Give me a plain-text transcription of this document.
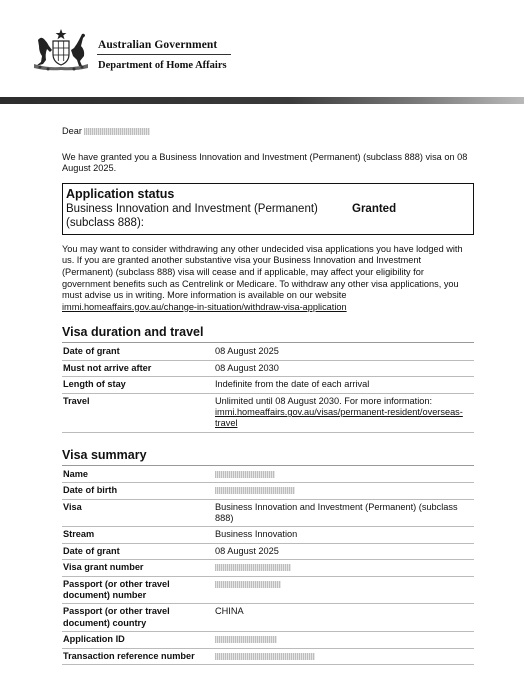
Australian Government
Department of Home Affairs

Dear

We have granted you a Business Innovation and Investment (Permanent) (subclass 888) visa on 08 August 2025.

Application status
Business Innovation and Investment (Permanent) (subclass 888):
Granted

You may want to consider withdrawing any other undecided visa applications you have lodged with us. If you are granted another substantive visa your Business Innovation and Investment (Permanent) (subclass 888) visa will cease and if applicable, may affect your eligibility for government benefits such as Centrelink or Medicare. To withdraw any other visa applications, you must advise us in writing. More information is available on our website immi.homeaffairs.gov.au/change-in-situation/withdraw-visa-application

Visa duration and travel
Date of grant	08 August 2025
Must not arrive after	08 August 2030
Length of stay	Indefinite from the date of each arrival
Travel	Unlimited until 08 August 2030. For more information: immi.homeaffairs.gov.au/visas/permanent-resident/overseas-travel
Visa summary
Name	
Date of birth	
Visa	Business Innovation and Investment (Permanent) (subclass 888)
Stream	Business Innovation
Date of grant	08 August 2025
Visa grant number	
Passport (or other travel document) number	
Passport (or other travel document) country	CHINA
Application ID	
Transaction reference number	
